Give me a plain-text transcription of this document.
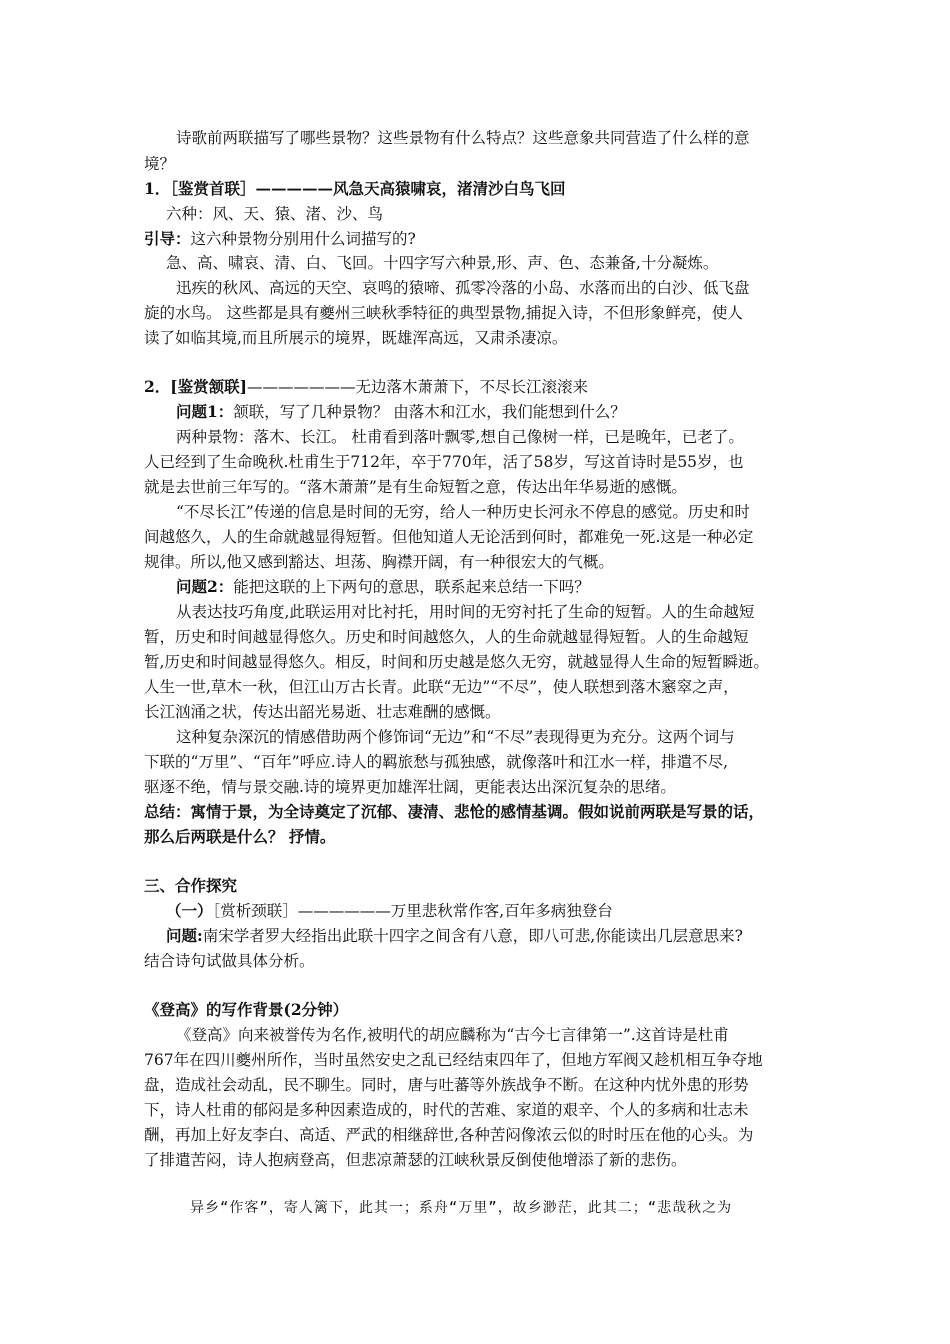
诗歌前两联描写了哪些景物？这些景物有什么特点？这些意象共同营造了什么样的意
境？
1．［鉴赏首联］—————风急天高猿啸哀，渚清沙白鸟飞回
六种：风、天、猿、渚、沙、鸟
引导：这六种景物分别用什么词描写的?
急、高、啸哀、清、白、飞回。十四字写六种景,形、声、色、态兼备,十分凝炼。
迅疾的秋风、高远的天空、哀鸣的猿啼、孤零冷落的小岛、水落而出的白沙、低飞盘
旋的水鸟。 这些都是具有夔州三峡秋季特征的典型景物,捕捉入诗，不但形象鲜亮，使人
读了如临其境,而且所展示的境界，既雄浑高远，又肃杀凄凉。
2．[鉴赏颔联]———————无边落木萧萧下，不尽长江滚滚来
问题1：颔联，写了几种景物？ 由落木和江水，我们能想到什么？
两种景物：落木、长江。 杜甫看到落叶飘零,想自己像树一样，已是晚年，已老了。
人已经到了生命晚秋.杜甫生于712年，卒于770年，活了58岁，写这首诗时是55岁，也
就是去世前三年写的。“落木萧萧”是有生命短暂之意，传达出年华易逝的感慨。
“不尽长江”传递的信息是时间的无穷，给人一种历史长河永不停息的感觉。历史和时
间越悠久，人的生命就越显得短暂。但他知道人无论活到何时，都难免一死.这是一种必定
规律。所以,他又感到豁达、坦荡、胸襟开阔，有一种很宏大的气概。
问题2：能把这联的上下两句的意思，联系起来总结一下吗？
从表达技巧角度,此联运用对比衬托，用时间的无穷衬托了生命的短暂。人的生命越短
暂，历史和时间越显得悠久。历史和时间越悠久，人的生命就越显得短暂。人的生命越短
暂,历史和时间越显得悠久。相反，时间和历史越是悠久无穷，就越显得人生命的短暂瞬逝。
人生一世,草木一秋，但江山万古长青。此联“无边”“不尽”，使人联想到落木窸窣之声，
长江汹涌之状，传达出韶光易逝、壮志难酬的感慨。
这种复杂深沉的情感借助两个修饰词“无边”和“不尽”表现得更为充分。这两个词与
下联的“万里”、“百年”呼应.诗人的羁旅愁与孤独感，就像落叶和江水一样，排遣不尽,
驱逐不绝，情与景交融.诗的境界更加雄浑壮阔，更能表达出深沉复杂的思绪。
总结：寓情于景，为全诗奠定了沉郁、凄清、悲怆的感情基调。假如说前两联是写景的话，
那么后两联是什么？ 抒情。
三、合作探究
（一）［赏析颈联］——————万里悲秋常作客,百年多病独登台
问题:南宋学者罗大经指出此联十四字之间含有八意，即八可悲,你能读出几层意思来?
结合诗句试做具体分析。
《登高》的写作背景(2分钟）
《登高》向来被誉传为名作,被明代的胡应麟称为“古今七言律第一”.这首诗是杜甫
767年在四川夔州所作，当时虽然安史之乱已经结束四年了，但地方军阀又趁机相互争夺地
盘，造成社会动乱，民不聊生。同时，唐与吐蕃等外族战争不断。在这种内忧外患的形势
下，诗人杜甫的郁闷是多种因素造成的，时代的苦难、家道的艰辛、个人的多病和壮志未
酬，再加上好友李白、高适、严武的相继辞世,各种苦闷像浓云似的时时压在他的心头。为
了排遣苦闷，诗人抱病登高，但悲凉萧瑟的江峡秋景反倒使他增添了新的悲伤。
异乡“作客”，寄人篱下，此其一；系舟“万里”，故乡渺茫，此其二；“悲哉秋之为
